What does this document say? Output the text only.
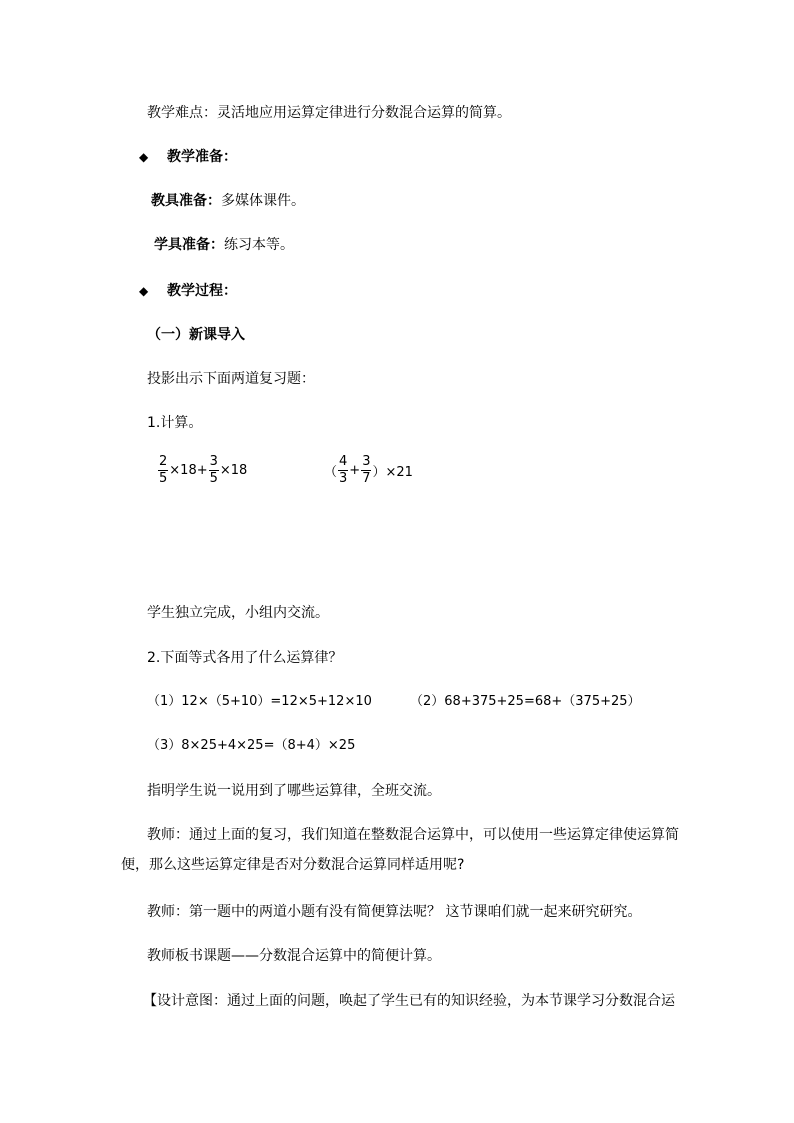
教学难点：灵活地应用运算定律进行分数混合运算的简算。
◆ 教学准备：
教具准备：多媒体课件。
学具准备：练习本等。
◆ 教学过程：
（一）新课导入
投影出示下面两道复习题：
1.计算。
$\frac{2}{5} \times 18+ \frac{3}{5} \times 18$	（ $\frac{4}{3} + \frac{3}{7} )\times 21$
学生独立完成，小组内交流。
2.下面等式各用了什么运算律？
（1）12×（5+10）=12×5+12×10	（2）68+375+25=68+（375+25）
（3）8×25+4×25=（8+4）×25
指明学生说一说用到了哪些运算律，全班交流。
教师：通过上面的复习，我们知道在整数混合运算中，可以使用一些运算定律使运算简便，那么这些运算定律是否对分数混合运算同样适用呢?
教师：第一题中的两道小题有没有简便算法呢？ 这节课咱们就一起来研究研究。
教师板书课题——分数混合运算中的简便计算。
【设计意图：通过上面的问题，唤起了学生已有的知识经验，为本节课学习分数混合运
